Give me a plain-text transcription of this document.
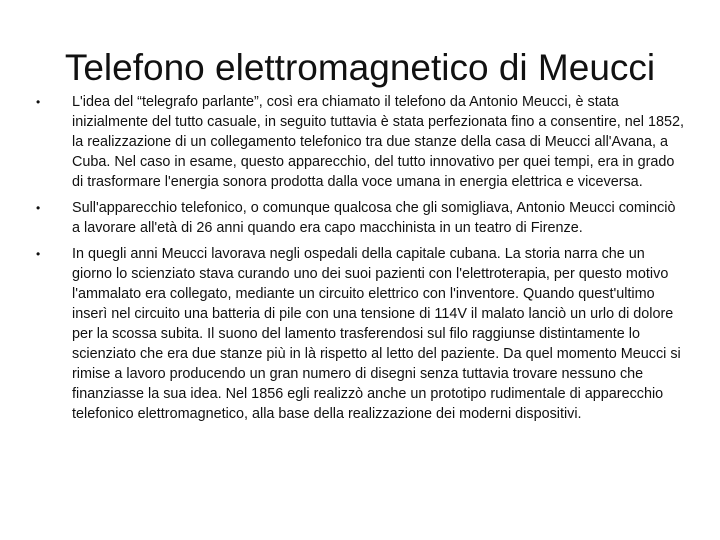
Telefono elettromagnetico di Meucci
• L'idea del “telegrafo parlante”, così era chiamato il telefono da Antonio Meucci, è stata inizialmente del tutto casuale, in seguito tuttavia è stata perfezionata fino a consentire, nel 1852, la realizzazione di un collegamento telefonico tra due stanze della casa di Meucci all'Avana, a Cuba. Nel caso in esame, questo apparecchio, del tutto innovativo per quei tempi, era in grado di trasformare l'energia sonora prodotta dalla voce umana in energia elettrica e viceversa.
• Sull'apparecchio telefonico, o comunque qualcosa che gli somigliava, Antonio Meucci cominciò a lavorare all'età di 26 anni quando era capo macchinista in un teatro di Firenze.
• In quegli anni Meucci lavorava negli ospedali della capitale cubana. La storia narra che un giorno lo scienziato stava curando uno dei suoi pazienti con l'elettroterapia, per questo motivo l'ammalato era collegato, mediante un circuito elettrico con l'inventore. Quando quest'ultimo inserì nel circuito una batteria di pile con una tensione di 114V il malato lanciò un urlo di dolore per la scossa subita. Il suono del lamento trasferendosi sul filo raggiunse distintamente lo scienziato che era due stanze più in là rispetto al letto del paziente. Da quel momento Meucci si rimise a lavoro producendo un gran numero di disegni senza tuttavia trovare nessuno che finanziasse la sua idea. Nel 1856 egli realizzò anche un prototipo rudimentale di apparecchio telefonico elettromagnetico, alla base della realizzazione dei moderni dispositivi.
